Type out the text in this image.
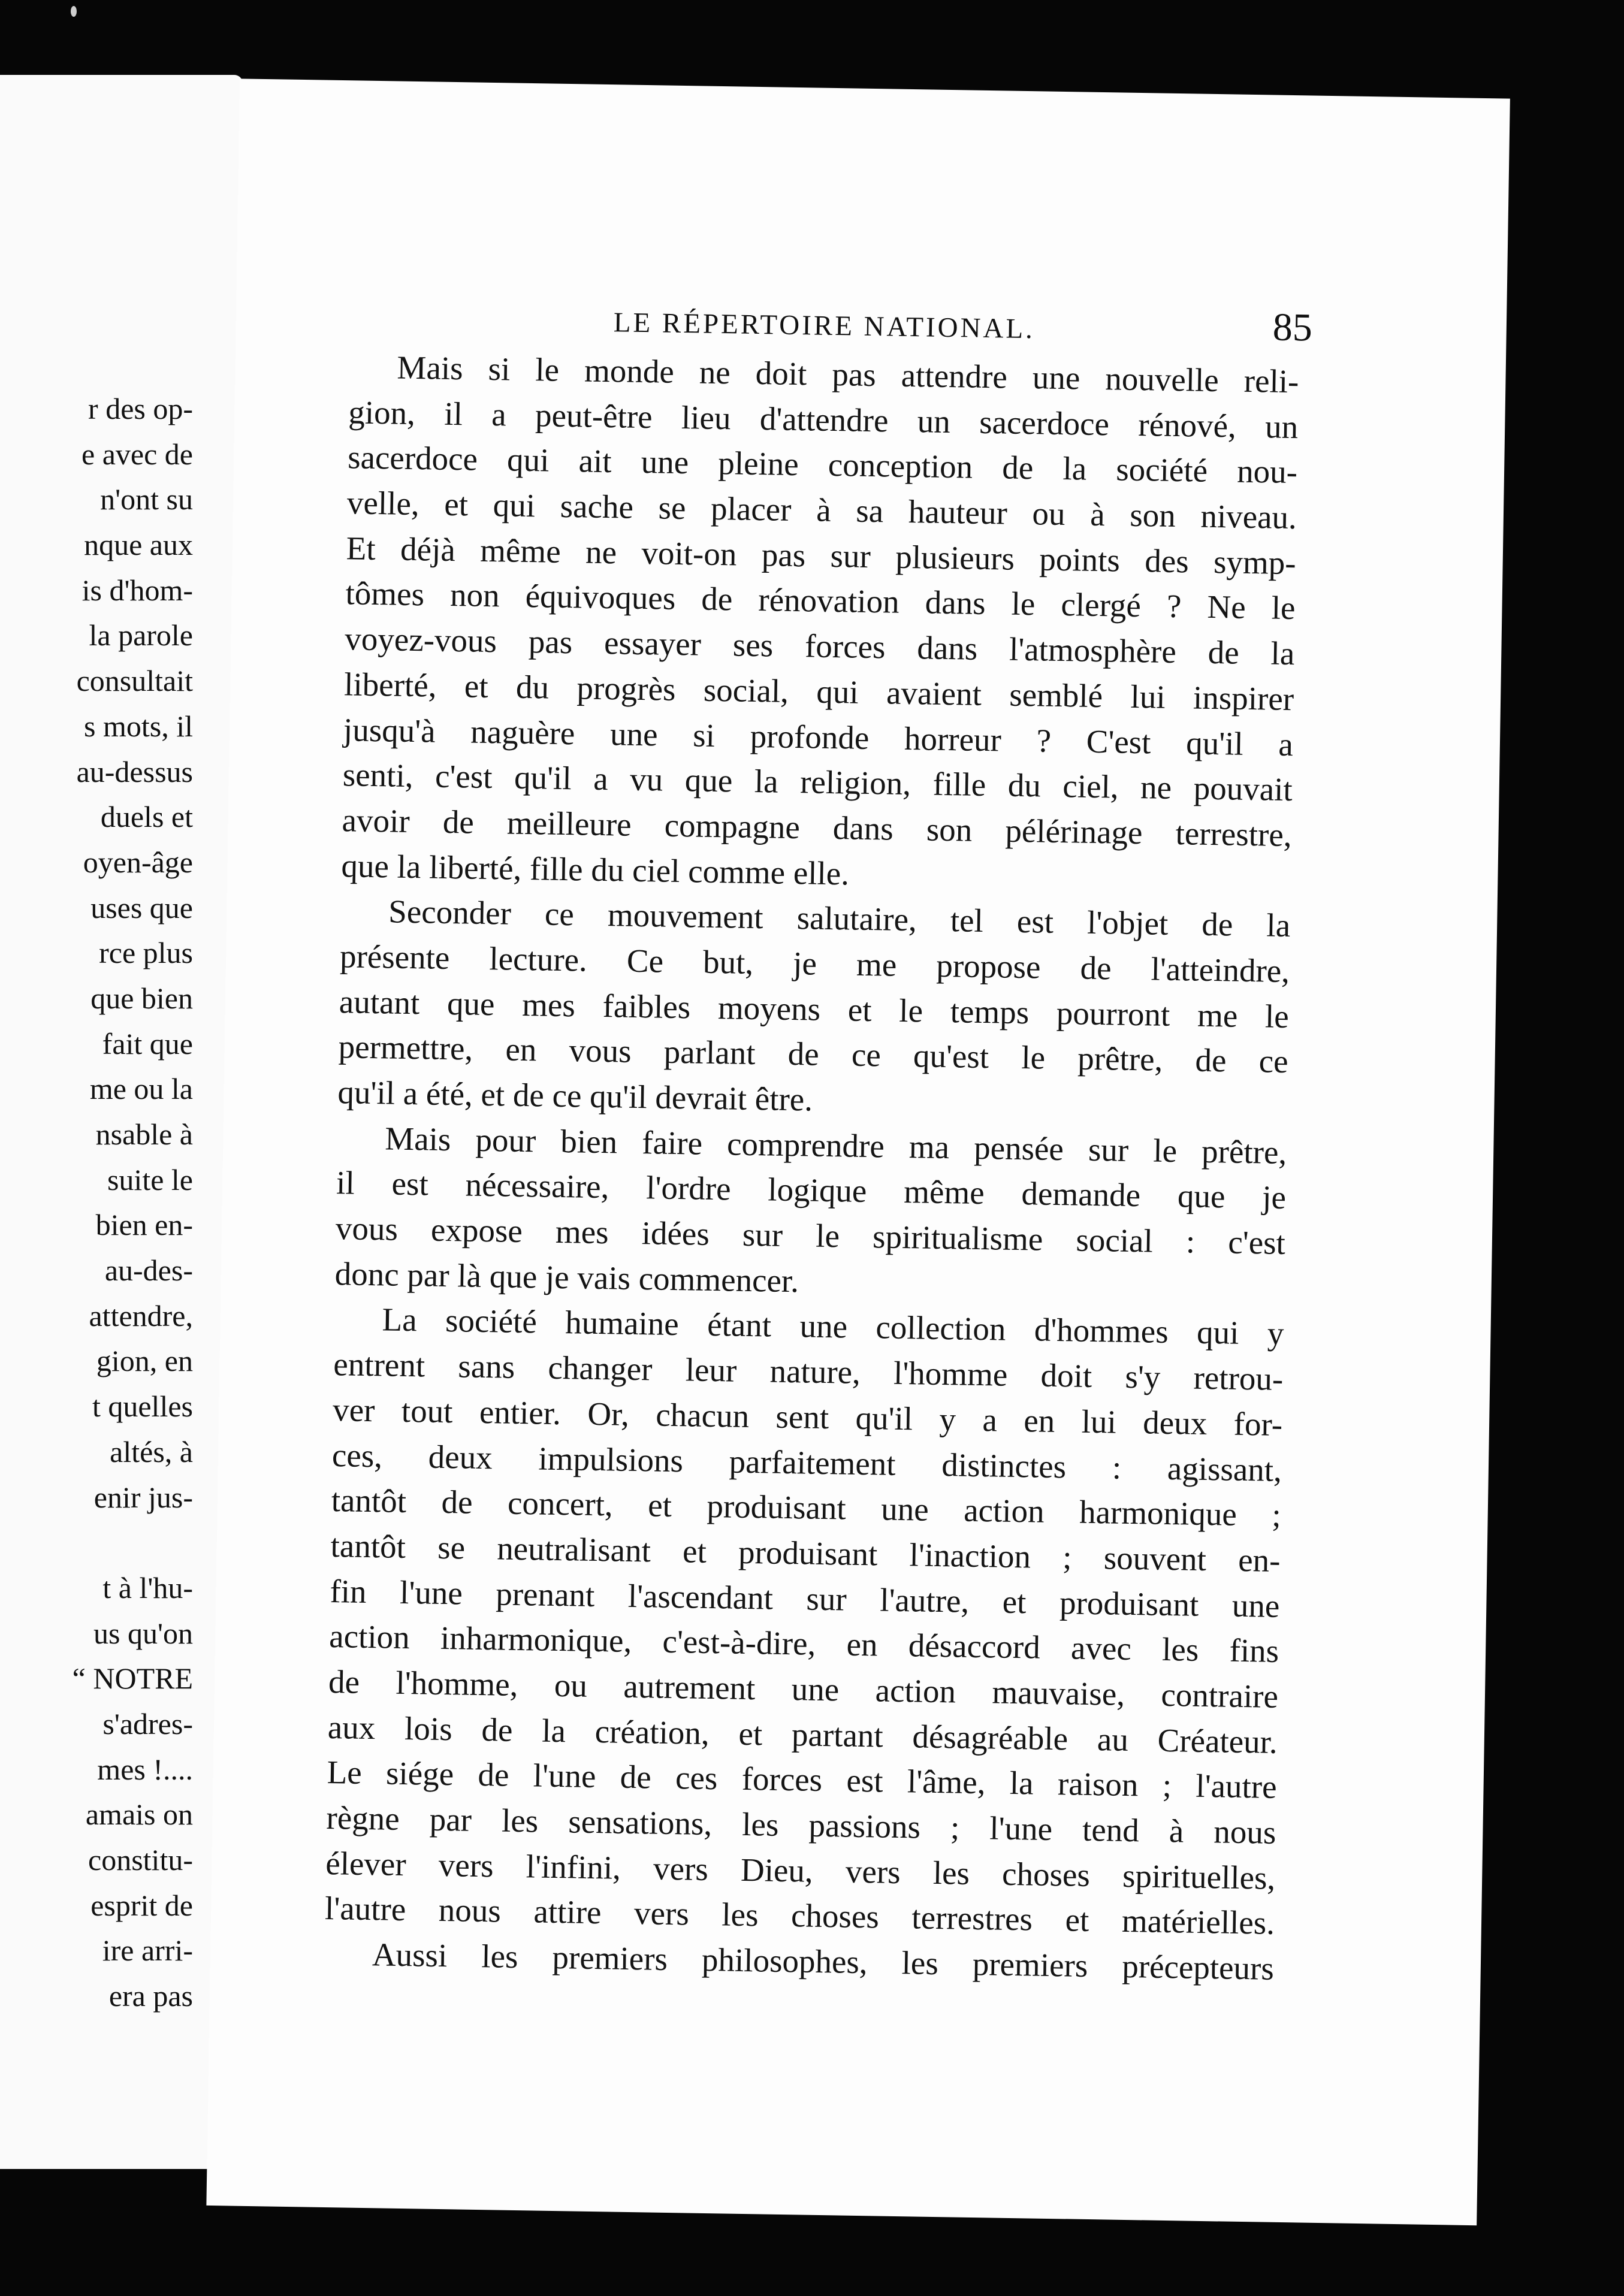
r des op-
e avec de
n'ont su
nque aux
is d'hom-
la parole
consultait
s mots, il
au-dessus
duels et
oyen-âge
uses que
rce plus
que bien
fait que
me ou la
nsable à
suite le
bien en-
au-des-
attendre,
gion, en
t quelles
altés, à
enir jus-
t à l'hu-
us qu'on
“ NOTRE
s'adres-
mes !....
amais on
constitu-
esprit de
ire arri-
era pas
LE RÉPERTOIRE NATIONAL.	85
Mais si le monde ne doit pas attendre une nouvelle reli-
gion, il a peut-être lieu d'attendre un sacerdoce rénové, un
sacerdoce qui ait une pleine conception de la société nou-
velle, et qui sache se placer à sa hauteur ou à son niveau.
Et déjà même ne voit-on pas sur plusieurs points des symp-
tômes non équivoques de rénovation dans le clergé ? Ne le
voyez-vous pas essayer ses forces dans l'atmosphère de la
liberté, et du progrès social, qui avaient semblé lui inspirer
jusqu'à naguère une si profonde horreur ? C'est qu'il a
senti, c'est qu'il a vu que la religion, fille du ciel, ne pouvait
avoir de meilleure compagne dans son pélérinage terrestre,
que la liberté, fille du ciel comme elle.
Seconder ce mouvement salutaire, tel est l'objet de la
présente lecture. Ce but, je me propose de l'atteindre,
autant que mes faibles moyens et le temps pourront me le
permettre, en vous parlant de ce qu'est le prêtre, de ce
qu'il a été, et de ce qu'il devrait être.
Mais pour bien faire comprendre ma pensée sur le prêtre,
il est nécessaire, l'ordre logique même demande que je
vous expose mes idées sur le spiritualisme social : c'est
donc par là que je vais commencer.
La société humaine étant une collection d'hommes qui y
entrent sans changer leur nature, l'homme doit s'y retrou-
ver tout entier. Or, chacun sent qu'il y a en lui deux for-
ces, deux impulsions parfaitement distinctes : agissant,
tantôt de concert, et produisant une action harmonique ;
tantôt se neutralisant et produisant l'inaction ; souvent en-
fin l'une prenant l'ascendant sur l'autre, et produisant une
action inharmonique, c'est-à-dire, en désaccord avec les fins
de l'homme, ou autrement une action mauvaise, contraire
aux lois de la création, et partant désagréable au Créateur.
Le siége de l'une de ces forces est l'âme, la raison ; l'autre
règne par les sensations, les passions ; l'une tend à nous
élever vers l'infini, vers Dieu, vers les choses spirituelles,
l'autre nous attire vers les choses terrestres et matérielles.
Aussi les premiers philosophes, les premiers précepteurs
